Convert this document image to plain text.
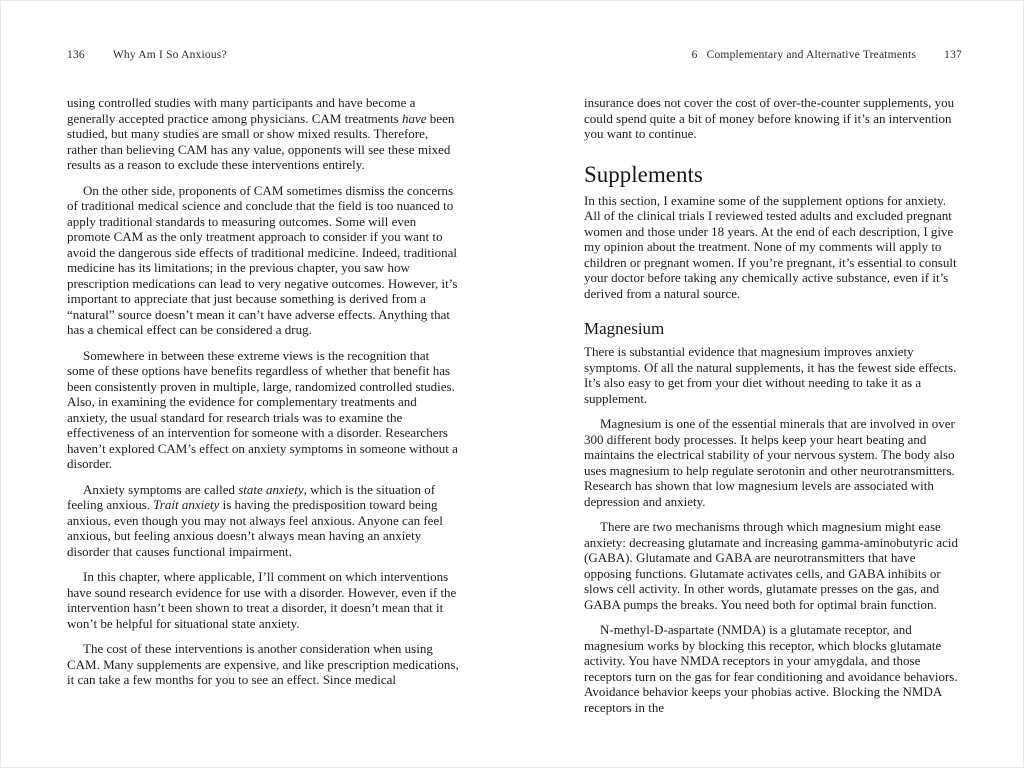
136 Why Am I So Anxious?

using controlled studies with many participants and have become a generally accepted practice among physicians. CAM treatments have been studied, but many studies are small or show mixed results. Therefore, rather than believing CAM has any value, opponents will see these mixed results as a reason to exclude these interventions entirely.

On the other side, proponents of CAM sometimes dismiss the concerns of traditional medical science and conclude that the field is too nuanced to apply traditional standards to measuring outcomes. Some will even promote CAM as the only treatment approach to consider if you want to avoid the dangerous side effects of traditional medicine. Indeed, traditional medicine has its limitations; in the previous chapter, you saw how prescription medications can lead to very negative outcomes. However, it’s important to appreciate that just because something is derived from a “natural” source doesn’t mean it can’t have adverse effects. Anything that has a chemical effect can be considered a drug.

Somewhere in between these extreme views is the recognition that some of these options have benefits regardless of whether that benefit has been consistently proven in multiple, large, randomized controlled studies. Also, in examining the evidence for complementary treatments and anxiety, the usual standard for research trials was to examine the effectiveness of an intervention for someone with a disorder. Researchers haven’t explored CAM’s effect on anxiety symptoms in someone without a disorder.

Anxiety symptoms are called state anxiety, which is the situation of feeling anxious. Trait anxiety is having the predisposition toward being anxious, even though you may not always feel anxious. Anyone can feel anxious, but feeling anxious doesn’t always mean having an anxiety disorder that causes functional impairment.

In this chapter, where applicable, I’ll comment on which interventions have sound research evidence for use with a disorder. However, even if the intervention hasn’t been shown to treat a disorder, it doesn’t mean that it won’t be helpful for situational state anxiety.

The cost of these interventions is another consideration when using CAM. Many supplements are expensive, and like prescription medications, it can take a few months for you to see an effect. Since medical

6 Complementary and Alternative Treatments 137

insurance does not cover the cost of over-the-counter supplements, you could spend quite a bit of money before knowing if it’s an intervention you want to continue.

Supplements

In this section, I examine some of the supplement options for anxiety. All of the clinical trials I reviewed tested adults and excluded pregnant women and those under 18 years. At the end of each description, I give my opinion about the treatment. None of my comments will apply to children or pregnant women. If you’re pregnant, it’s essential to consult your doctor before taking any chemically active substance, even if it’s derived from a natural source.

Magnesium

There is substantial evidence that magnesium improves anxiety symptoms. Of all the natural supplements, it has the fewest side effects. It’s also easy to get from your diet without needing to take it as a supplement.

Magnesium is one of the essential minerals that are involved in over 300 different body processes. It helps keep your heart beating and maintains the electrical stability of your nervous system. The body also uses magnesium to help regulate serotonin and other neurotransmitters. Research has shown that low magnesium levels are associated with depression and anxiety.

There are two mechanisms through which magnesium might ease anxiety: decreasing glutamate and increasing gamma-aminobutyric acid (GABA). Glutamate and GABA are neurotransmitters that have opposing functions. Glutamate activates cells, and GABA inhibits or slows cell activity. In other words, glutamate presses on the gas, and GABA pumps the breaks. You need both for optimal brain function.

N-methyl-D-aspartate (NMDA) is a glutamate receptor, and magnesium works by blocking this receptor, which blocks glutamate activity. You have NMDA receptors in your amygdala, and those receptors turn on the gas for fear conditioning and avoidance behaviors. Avoidance behavior keeps your phobias active. Blocking the NMDA receptors in the
